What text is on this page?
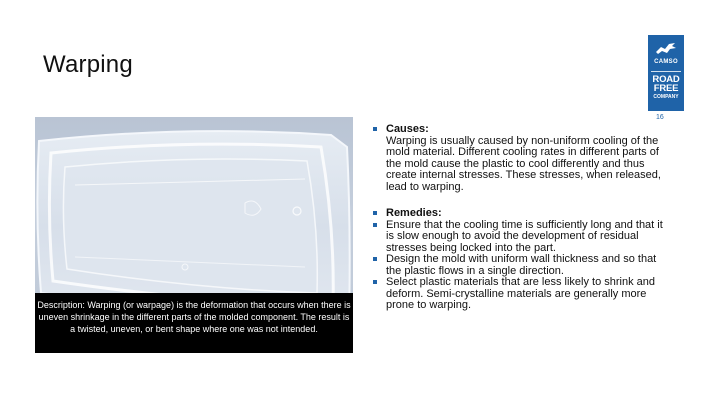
Warping	CAMSO
ROAD
FREE
COMPANY
16
Description: Warping (or warpage) is the deformation that occurs when there is uneven shrinkage in the different parts of the molded component. The result is a twisted, uneven, or bent shape where one was not intended.
Causes:
Warping is usually caused by non-uniform cooling of the mold material. Different cooling rates in different parts of the mold cause the plastic to cool differently and thus create internal stresses. These stresses, when released, lead to warping.
Remedies:
Ensure that the cooling time is sufficiently long and that it is slow enough to avoid the development of residual stresses being locked into the part.
Design the mold with uniform wall thickness and so that the plastic flows in a single direction.
Select plastic materials that are less likely to shrink and deform. Semi-crystalline materials are generally more prone to warping.
